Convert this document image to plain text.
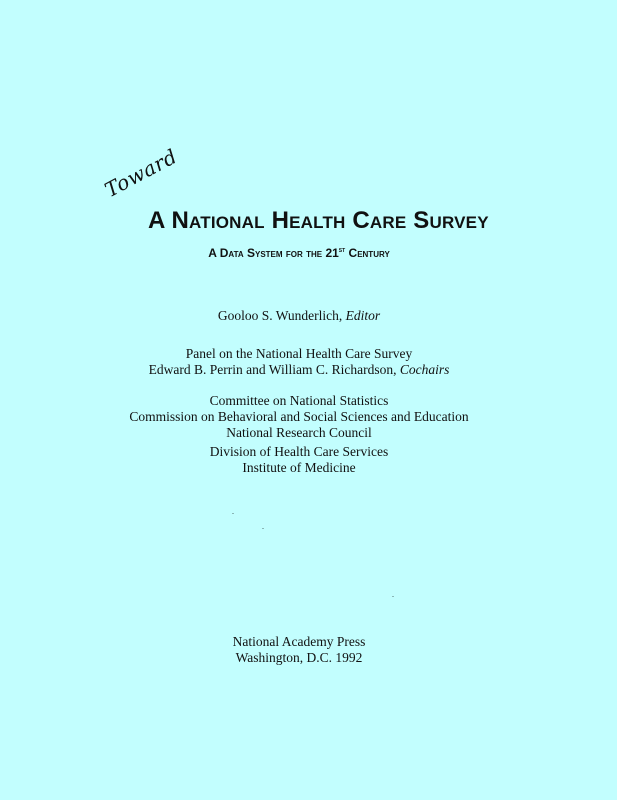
Toward
A National Health Care Survey
A Data System for the 21st Century
Gooloo S. Wunderlich, Editor
Panel on the National Health Care Survey
Edward B. Perrin and William C. Richardson, Cochairs
Committee on National Statistics
Commission on Behavioral and Social Sciences and Education
National Research Council
Division of Health Care Services
Institute of Medicine
National Academy Press
Washington, D.C. 1992
